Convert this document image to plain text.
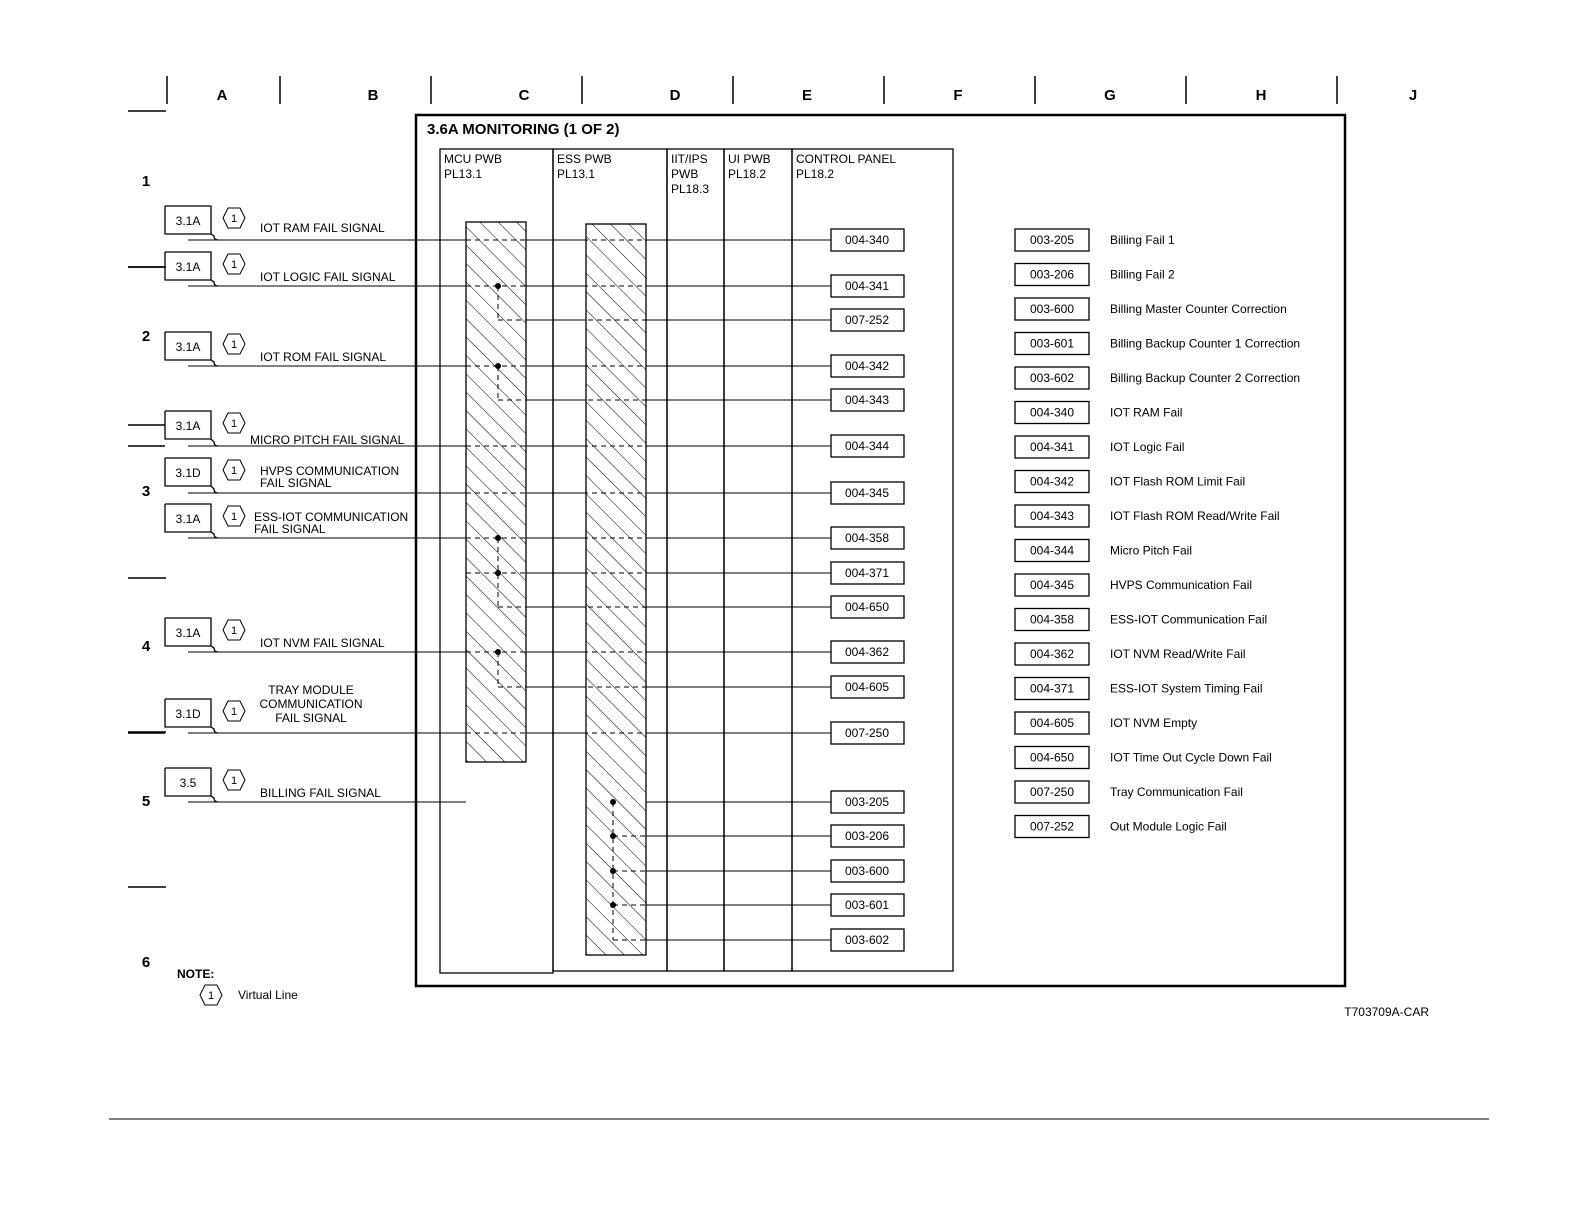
A	B	C	D	E	F	G	H	J
1
2
3
4
5
6
3.6A MONITORING (1 OF 2)
MCU PWB
PL13.1
ESS PWB
PL13.1
IIT/IPS
PWB
PL18.3
UI PWB
PL18.2
CONTROL PANEL
PL18.2
3.1A	1
IOT RAM FAIL SIGNAL
3.1A	1
IOT LOGIC FAIL SIGNAL
3.1A	1
IOT ROM FAIL SIGNAL
3.1A	1
MICRO PITCH FAIL SIGNAL
3.1D	1 HVPS COMMUNICATION
FAIL SIGNAL
3.1A	1 ESS-IOT COMMUNICATION
FAIL SIGNAL
3.1A	1
IOT NVM FAIL SIGNAL
3.1D	1
TRAY MODULE
COMMUNICATION
FAIL SIGNAL
3.5	1
BILLING FAIL SIGNAL
004-340
004-341
007-252
004-342
004-343
004-344
004-345
004-358
004-371
004-650
004-362
004-605
007-250
003-205
003-206
003-600
003-601
003-602
003-205	Billing Fail 1
003-206	Billing Fail 2
003-600	Billing Master Counter Correction
003-601	Billing Backup Counter 1 Correction
003-602	Billing Backup Counter 2 Correction
004-340	IOT RAM Fail
004-341	IOT Logic Fail
004-342	IOT Flash ROM Limit Fail
004-343	IOT Flash ROM Read/Write Fail
004-344	Micro Pitch Fail
004-345	HVPS Communication Fail
004-358	ESS-IOT Communication Fail
004-362	IOT NVM Read/Write Fail
004-371	ESS-IOT System Timing Fail
004-605	IOT NVM Empty
004-650	IOT Time Out Cycle Down Fail
007-250	Tray Communication Fail
007-252	Out Module Logic Fail
NOTE:
1 Virtual Line
T703709A-CAR
